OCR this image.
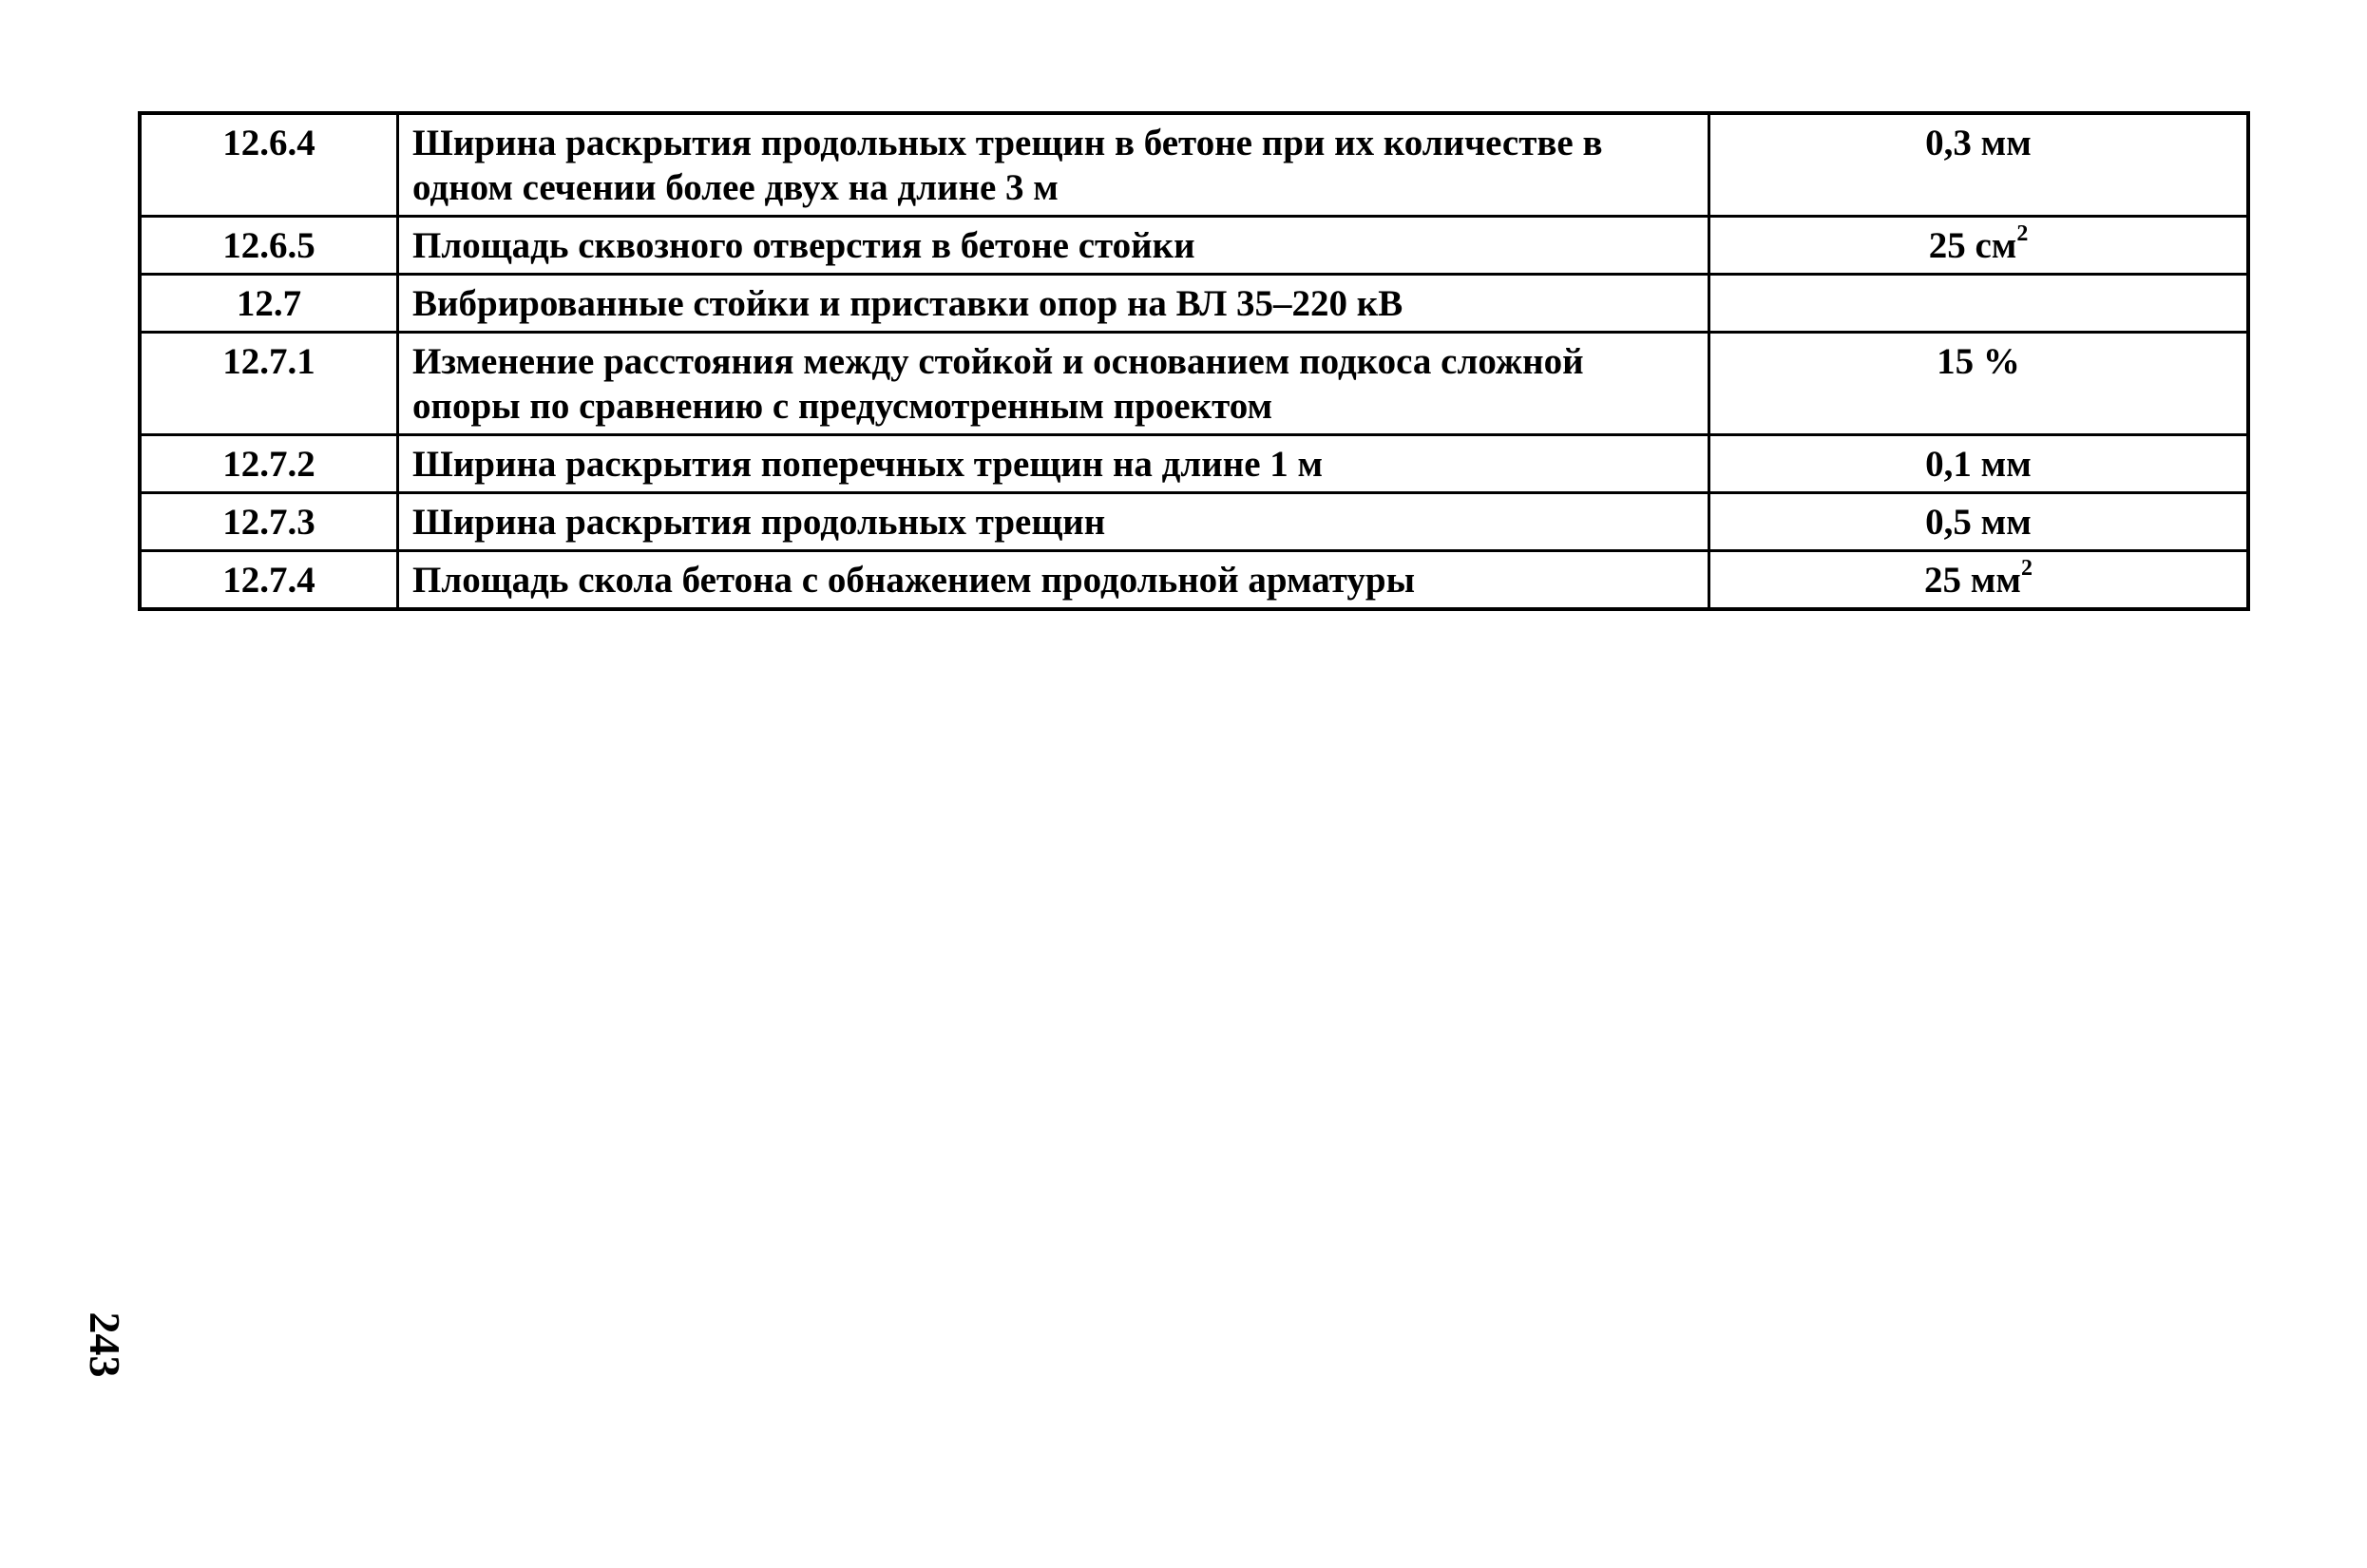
12.6.4	Ширина раскрытия продольных трещин в бетоне при их количестве в одном сечении более двух на длине 3 м	0,3 мм
12.6.5	Площадь сквозного отверстия в бетоне стойки	25 $см^2$
12.7	Вибрированные стойки и приставки опор на ВЛ 35–220 кВ	
12.7.1	Изменение расстояния между стойкой и основанием подкоса сложной опоры по сравнению с предусмотренным проектом	15 %
12.7.2	Ширина раскрытия поперечных трещин на длине 1 м	0,1 мм
12.7.3	Ширина раскрытия продольных трещин	0,5 мм
12.7.4	Площадь скола бетона с обнажением продольной арматуры	25 $мм^2$
243
